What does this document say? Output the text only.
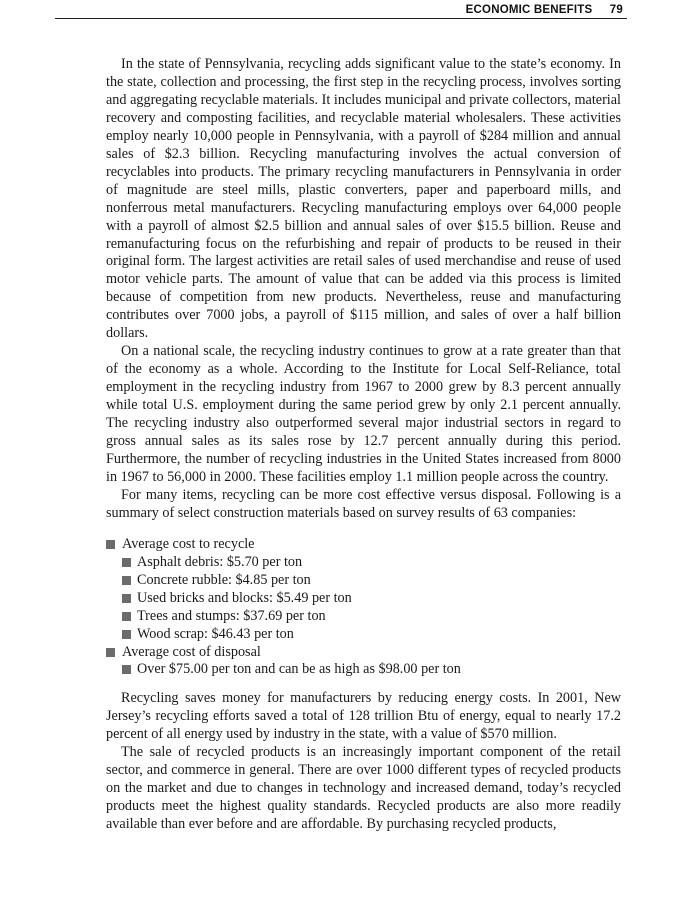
ECONOMIC BENEFITS 79

In the state of Pennsylvania, recycling adds significant value to the state’s economy. In the state, collection and processing, the first step in the recycling process, involves sorting and aggregating recyclable materials. It includes municipal and private collectors, material recovery and composting facilities, and recyclable material wholesalers. These activities employ nearly 10,000 people in Pennsylvania, with a payroll of $284 million and annual sales of $2.3 billion. Recycling manufacturing involves the actual conversion of recyclables into products. The primary recycling manufacturers in Pennsylvania in order of magnitude are steel mills, plastic converters, paper and paperboard mills, and nonferrous metal manufacturers. Recycling manufacturing employs over 64,000 people with a payroll of almost $2.5 billion and annual sales of over $15.5 billion. Reuse and remanufacturing focus on the refurbishing and repair of products to be reused in their original form. The largest activities are retail sales of used merchandise and reuse of used motor vehicle parts. The amount of value that can be added via this process is limited because of competition from new products. Nevertheless, reuse and manufacturing contributes over 7000 jobs, a payroll of $115 million, and sales of over a half billion dollars.

On a national scale, the recycling industry continues to grow at a rate greater than that of the economy as a whole. According to the Institute for Local Self-Reliance, total employment in the recycling industry from 1967 to 2000 grew by 8.3 percent annually while total U.S. employment during the same period grew by only 2.1 percent annually. The recycling industry also outperformed several major industrial sectors in regard to gross annual sales as its sales rose by 12.7 percent annually during this period. Furthermore, the number of recycling industries in the United States increased from 8000 in 1967 to 56,000 in 2000. These facilities employ 1.1 million people across the country.

For many items, recycling can be more cost effective versus disposal. Following is a summary of select construction materials based on survey results of 63 companies:

Average cost to recycle
Asphalt debris: $5.70 per ton
Concrete rubble: $4.85 per ton
Used bricks and blocks: $5.49 per ton
Trees and stumps: $37.69 per ton
Wood scrap: $46.43 per ton
Average cost of disposal
Over $75.00 per ton and can be as high as $98.00 per ton

Recycling saves money for manufacturers by reducing energy costs. In 2001, New Jersey’s recycling efforts saved a total of 128 trillion Btu of energy, equal to nearly 17.2 percent of all energy used by industry in the state, with a value of $570 million.

The sale of recycled products is an increasingly important component of the retail sector, and commerce in general. There are over 1000 different types of recycled products on the market and due to changes in technology and increased demand, today’s recycled products meet the highest quality standards. Recycled products are also more readily available than ever before and are affordable. By purchasing recycled products,
